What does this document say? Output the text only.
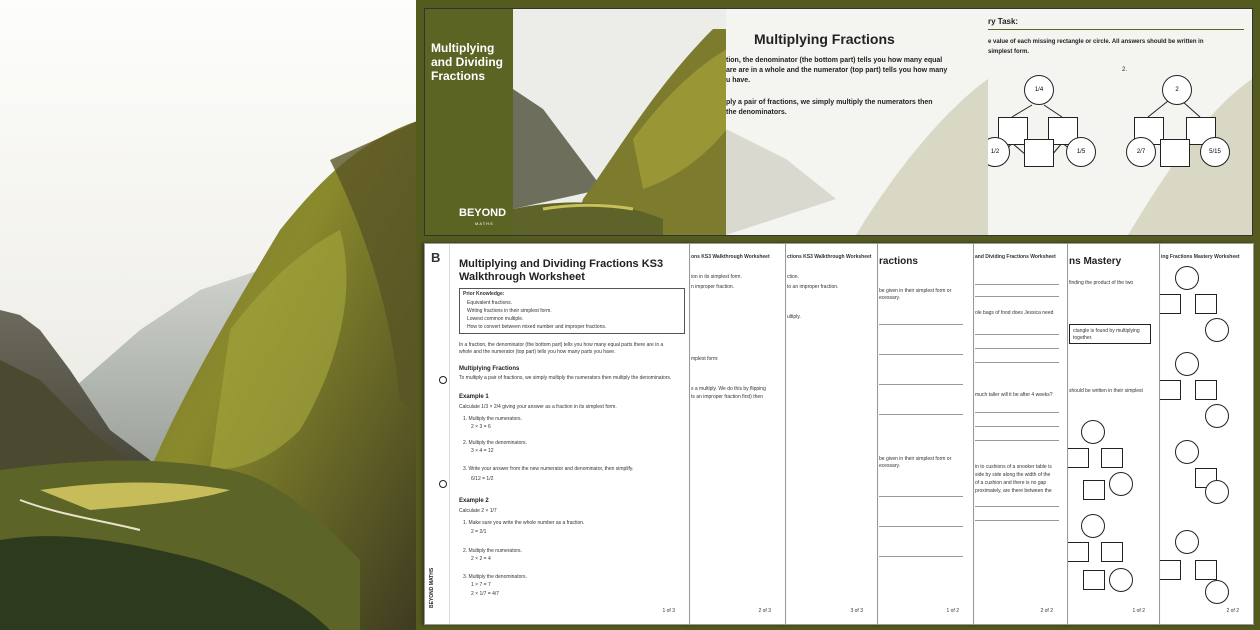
Multiplying and Dividing Fractions
BEYOND
MATHS
Multiplying Fractions
tion, the denominator (the bottom part) tells you how many equal
are are in a whole and the numerator (top part) tells you how many
u have.
ply a pair of fractions, we simply multiply the numerators then
the denominators.
ry Task:
e value of each missing rectangle or circle. All answers should be written in
simplest form.
2.
1/4
1/2	1/5
2
2/7	5/15
ing Fractions Mastery Worksheet
2 of 2
ns Mastery
finding the product of the two
ctangle is found by multiplying
together.
should be written in their simplest
1 of 2
and Dividing Fractions Worksheet
ole bags of food does Jessica need
much taller will it be after 4 weeks?
in to cushions of a snooker table is
side by side along the width of the
of a cushion and there is no gap
proximately, are there between the
2 of 2
ractions
be given in their simplest form or
ecessary.
be given in their simplest form or
ecessary.
1 of 2
ctions KS3 Walkthrough Worksheet
ction.
to an improper fraction.
ultiply.
3 of 3
ons KS3 Walkthrough Worksheet
ion in its simplest form.
n improper fraction.
mplest form:
s a multiply. We do this by flipping
ts an improper fraction first) then
2 of 3
B
BEYOND MATHS
Multiplying and Dividing Fractions KS3 Walkthrough Worksheet
Prior Knowledge:
Equivalent fractions.
Writing fractions in their simplest form.
Lowest common multiple.
How to convert between mixed number and improper fractions.
In a fraction, the denominator (the bottom part) tells you how many equal parts there are in a
whole and the numerator (top part) tells you how many parts you have.
Multiplying Fractions
To multiply a pair of fractions, we simply multiply the numerators then multiply the denominators.
Example 1
Calculate 1/3 × 2/4 giving your answer as a fraction in its simplest form.
1. Multiply the numerators.
2 × 3 = 6
2. Multiply the denominators.
3 × 4 = 12
3. Write your answer from the new numerator and denominator, then simplify.
6/12 = 1/2
Example 2
Calculate 2 × 1/7
1. Make sure you write the whole number as a fraction.
2 = 2/1
2. Multiply the numerators.
2 × 2 = 4
3. Multiply the denominators.
1 × 7 = 7
2 × 1/7 = 4/7
1 of 3
